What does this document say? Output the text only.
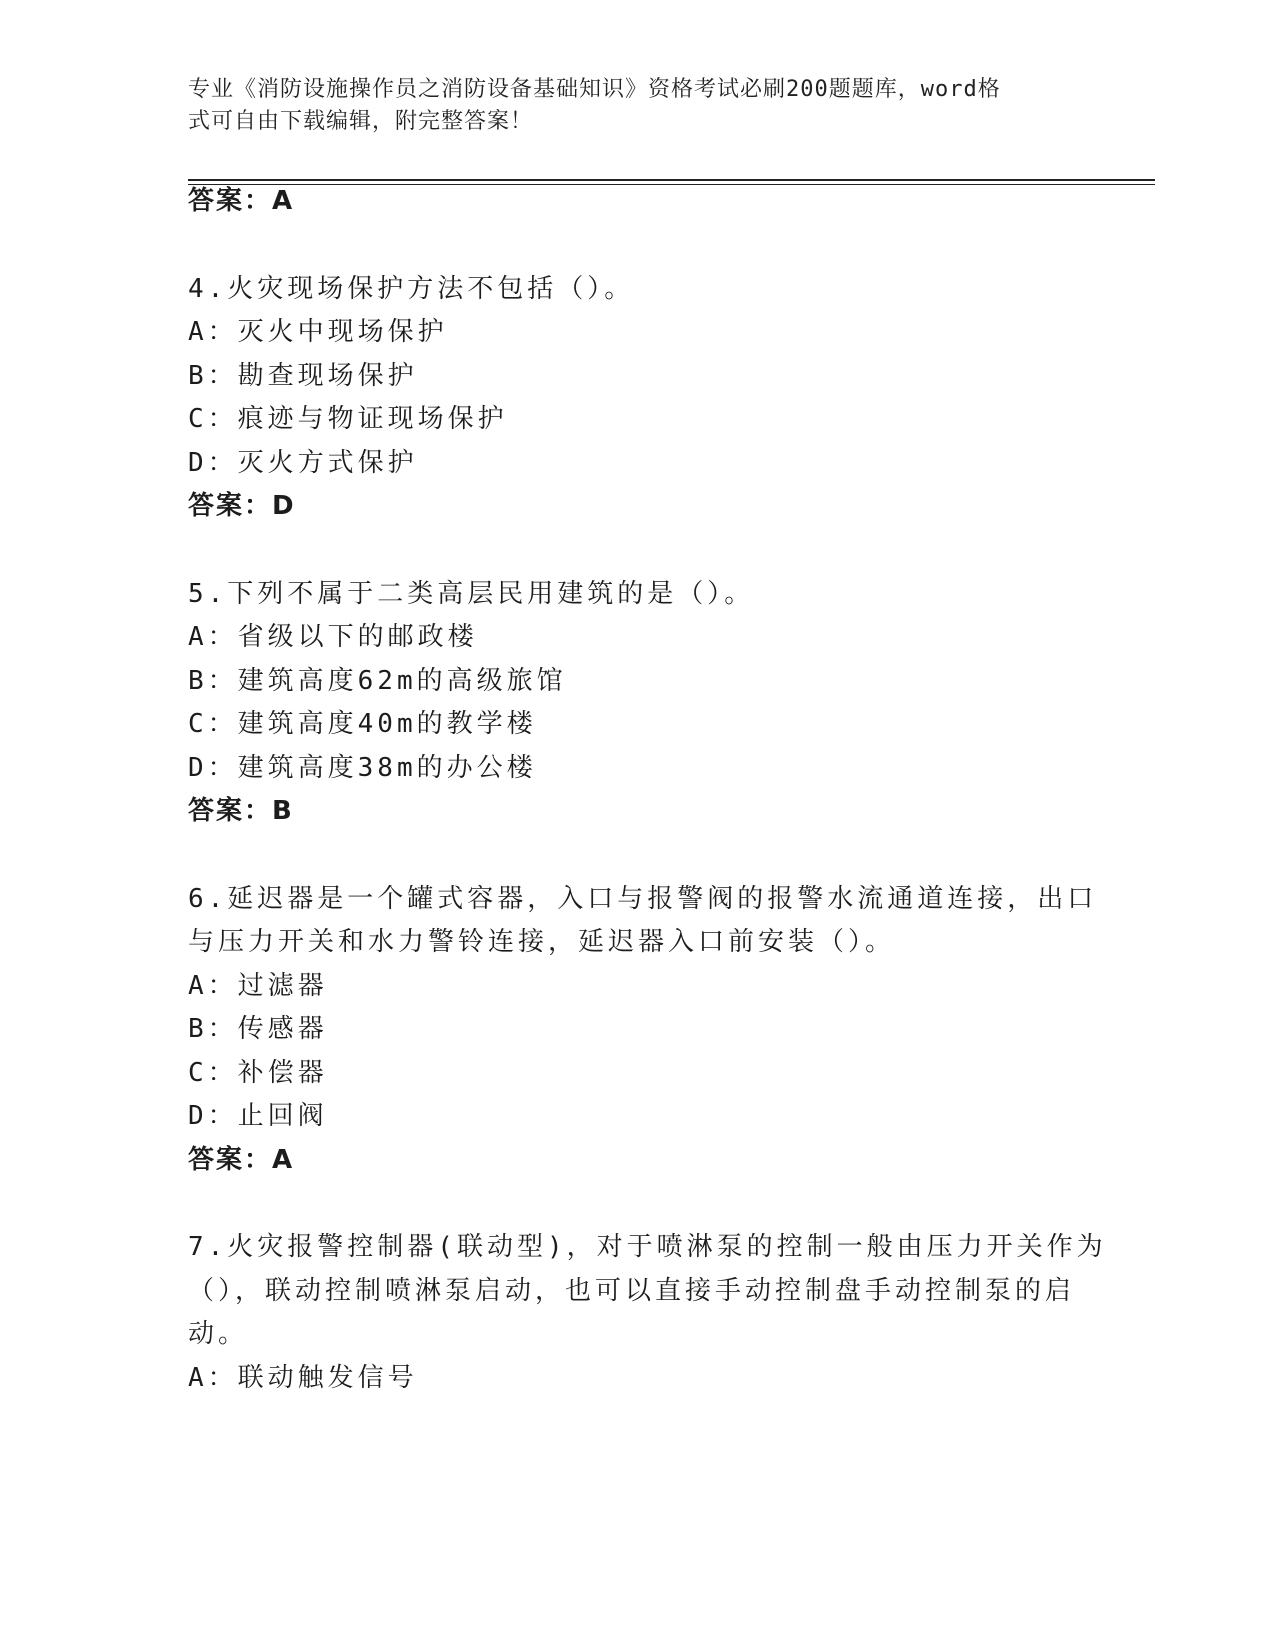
专业《消防设施操作员之消防设备基础知识》资格考试必刷200题题库，word格
式可自由下载编辑，附完整答案！
答案：A
4.火灾现场保护方法不包括（）。
A：灭火中现场保护
B：勘查现场保护
C：痕迹与物证现场保护
D：灭火方式保护
答案：D
5.下列不属于二类高层民用建筑的是（）。
A：省级以下的邮政楼
B：建筑高度62m的高级旅馆
C：建筑高度40m的教学楼
D：建筑高度38m的办公楼
答案：B
6.延迟器是一个罐式容器，入口与报警阀的报警水流通道连接，出口
与压力开关和水力警铃连接，延迟器入口前安装（）。
A：过滤器
B：传感器
C：补偿器
D：止回阀
答案：A
7.火灾报警控制器(联动型)，对于喷淋泵的控制一般由压力开关作为
（），联动控制喷淋泵启动，也可以直接手动控制盘手动控制泵的启
动。
A：联动触发信号
